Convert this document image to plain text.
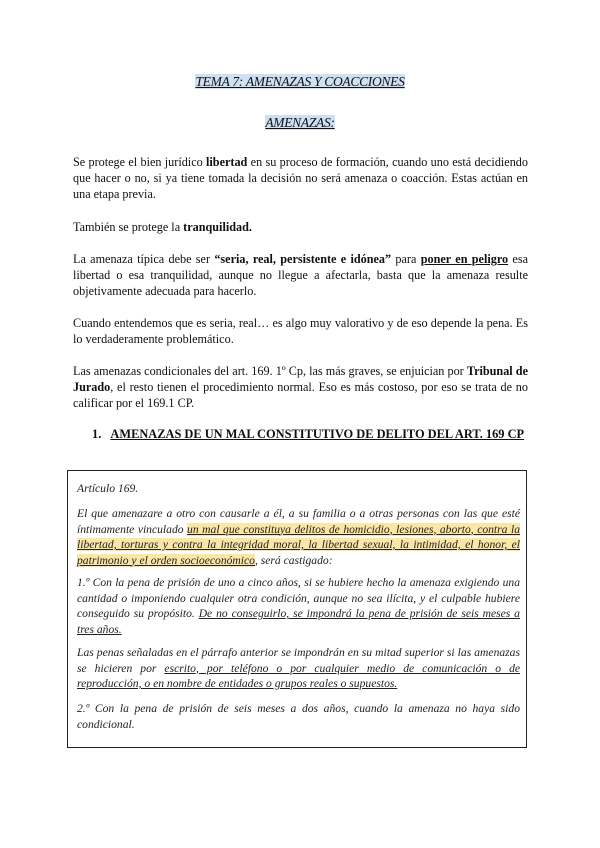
TEMA 7: AMENAZAS Y COACCIONES
AMENAZAS:
Se protege el bien jurídico libertad en su proceso de formación, cuando uno está decidiendo que hacer o no, si ya tiene tomada la decisión no será amenaza o coacción. Estas actúan en una etapa previa.
También se protege la tranquilidad.
La amenaza típica debe ser “seria, real, persistente e idónea” para poner en peligro esa libertad o esa tranquilidad, aunque no llegue a afectarla, basta que la amenaza resulte objetivamente adecuada para hacerlo.
Cuando entendemos que es seria, real… es algo muy valorativo y de eso depende la pena. Es lo verdaderamente problemático.
Las amenazas condicionales del art. 169. 1º Cp, las más graves, se enjuician por Tribunal de Jurado, el resto tienen el procedimiento normal. Eso es más costoso, por eso se trata de no calificar por el 169.1 CP.
1. AMENAZAS DE UN MAL CONSTITUTIVO DE DELITO DEL ART. 169 CP
Artículo 169.
El que amenazare a otro con causarle a él, a su familia o a otras personas con las que esté íntimamente vinculado un mal que constituya delitos de homicidio, lesiones, aborto, contra la libertad, torturas y contra la integridad moral, la libertad sexual, la intimidad, el honor, el patrimonio y el orden socioeconómico, será castigado:
1.º Con la pena de prisión de uno a cinco años, si se hubiere hecho la amenaza exigiendo una cantidad o imponiendo cualquier otra condición, aunque no sea ilícita, y el culpable hubiere conseguido su propósito. De no conseguirlo, se impondrá la pena de prisión de seis meses a tres años.
Las penas señaladas en el párrafo anterior se impondrán en su mitad superior si las amenazas se hicieren por escrito, por teléfono o por cualquier medio de comunicación o de reproducción, o en nombre de entidades o grupos reales o supuestos.
2.º Con la pena de prisión de seis meses a dos años, cuando la amenaza no haya sido condicional.
